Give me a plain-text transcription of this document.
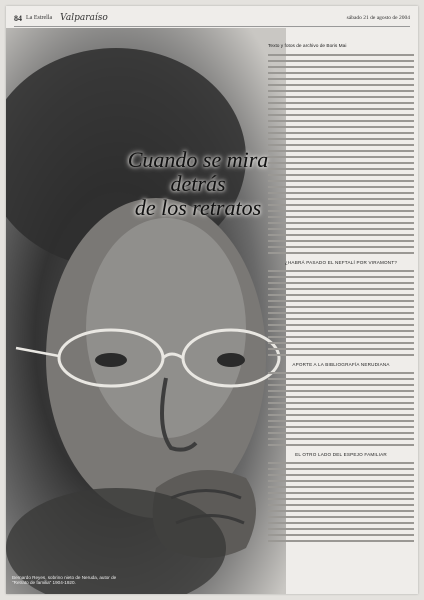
84 La Estrella Valparaíso	sábado 21 de agosto de 2004
Bernardo Reyes, sobrino nieto de Neruda, autor de "Retrato de familia" 1904-1920.
Cuando se mira detrás
de los retratos
Texto y fotos de archivo de Boris Mai
¿HABRÁ PASADO EL NEFTALÍ POR VIRAMONT?
APORTE A LA BIBLIOGRAFÍA NERUDIANA
EL OTRO LADO DEL ESPEJO FAMILIAR
